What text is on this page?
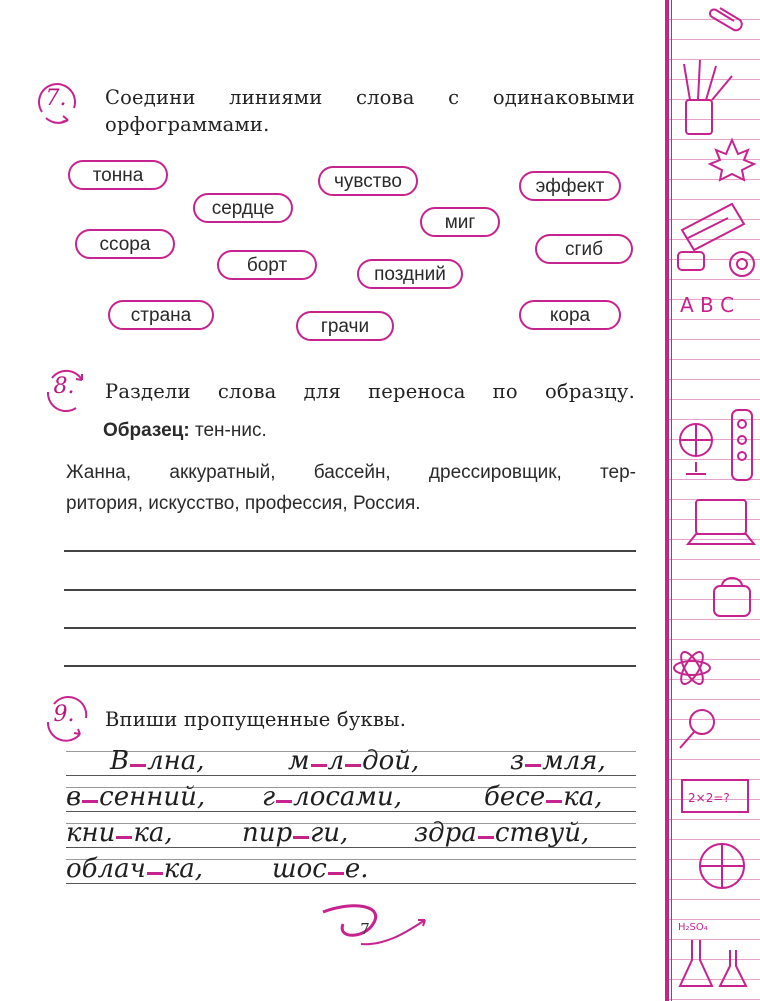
7.	Соедини линиями слова с одинаковыми
орфограммами.
тонна
сердце
чувство	эффект
миг
ссора
борт	поздний
сгиб
страна
грачи
кора
8.	Раздели слова для переноса по образцу.
Образец: тен-нис.
Жанна, аккуратный, бассейн, дрессировщик, тер-
ритория, искусство, профессия, Россия.
9.	Впиши пропущенные буквы.
В лна,	м л дой,	з мля,
в сенний, г лосами,	бесе ка,
кни ка,	пир ги,	здра ствуй,
облач ка,	шос е.
7
A B C
2×2=?
H₂SO₄
